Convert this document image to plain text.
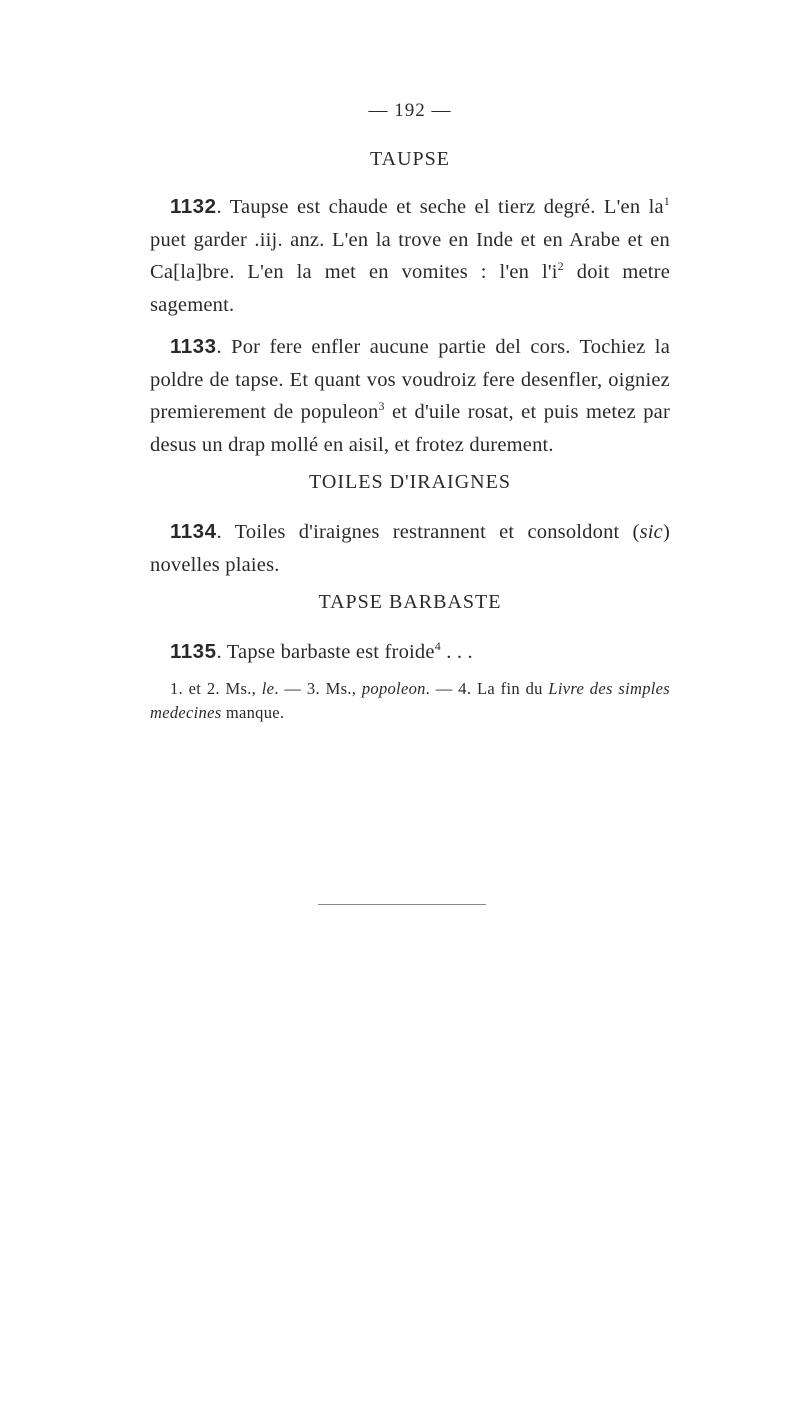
— 192 —
TAUPSE

1132. Taupse est chaude et seche el tierz degré. L'en $la^1$ puet garder .iij. anz. L'en la trove en Inde et en Arabe et en Ca[la]bre. L'en la met en vomites : l'en $l'i^2$ doit metre sagement.

1133. Por fere enfler aucune partie del cors. Tochiez la poldre de tapse. Et quant vos voudroiz fere desenfler, oigniez premierement de populeon$^3$ et d'uile rosat, et puis metez par desus un drap mollé en aisil, et frotez durement.

TOILES D'IRAIGNES

1134. Toiles d'iraignes restrannent et consoldont (sic) novelles plaies.

TAPSE BARBASTE

1135. Tapse barbaste est froide$^4$ . . .

1. et 2. Ms., le. — 3. Ms., popoleon. — 4. La fin du Livre des simples medecines manque.
